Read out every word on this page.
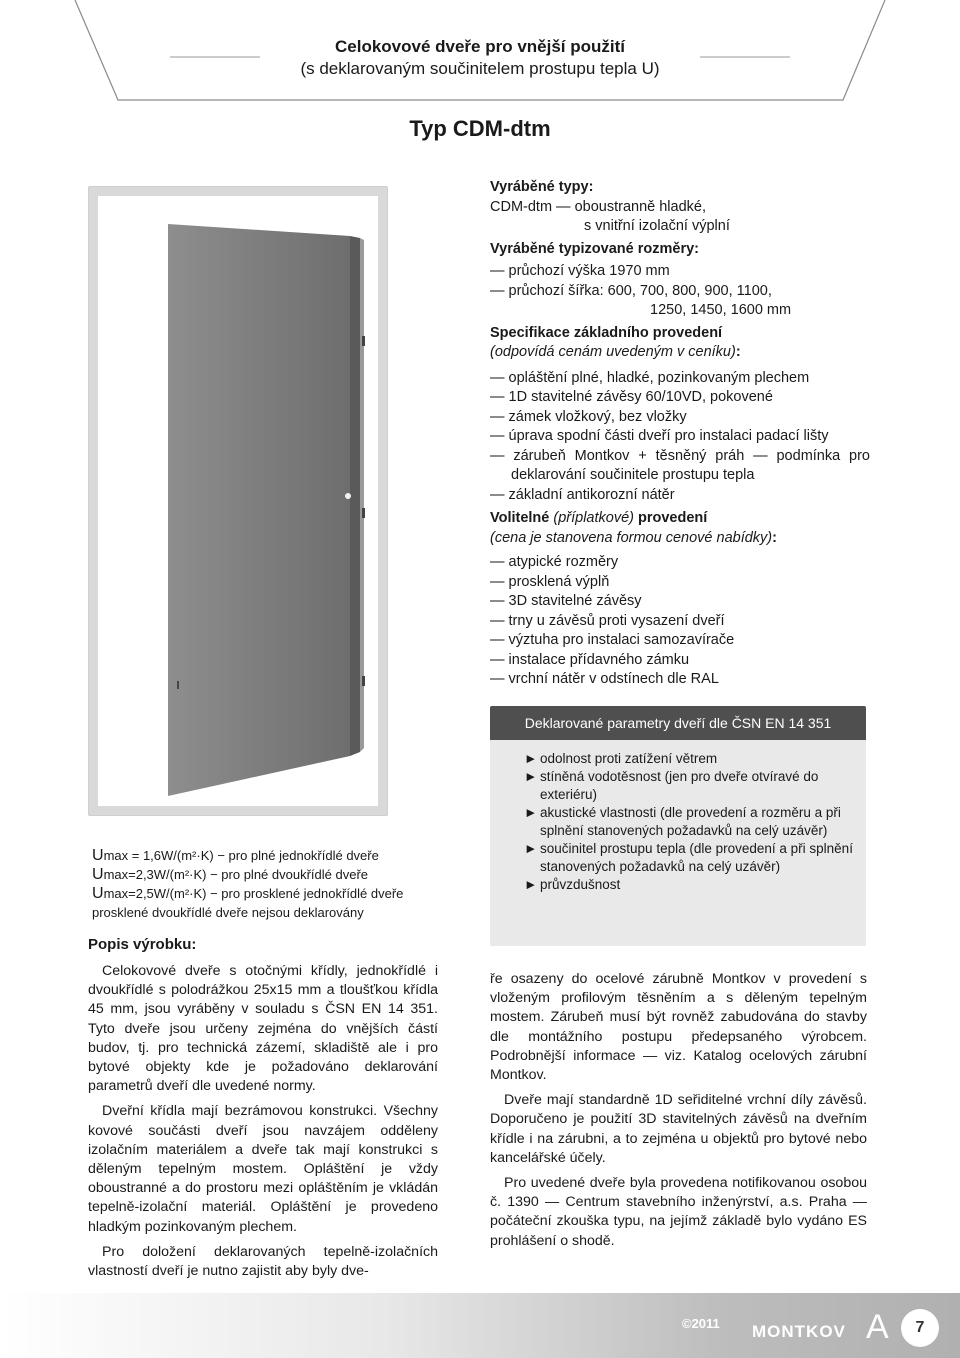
Celokovové dveře pro vnější použití
(s deklarovaným součinitelem prostupu tepla U)
Typ CDM-dtm

Vyráběné typy:

CDM-dtm — oboustranně hladké,

s vnitřní izolační výplní

Vyráběné typizované rozměry:

— průchozí výška 1970 mm

— průchozí šířka: 600, 700, 800, 900, 1100,

1250, 1450, 1600 mm

Specifikace základního provedení

(odpovídá cenám uvedeným v ceníku):

— opláštění plné, hladké, pozinkovaným plechem

— 1D stavitelné závěsy 60/10VD, pokovené

— zámek vložkový, bez vložky

— úprava spodní části dveří pro instalaci padací lišty

— zárubeň Montkov + těsněný práh — podmínka pro deklarování součinitele prostupu tepla

— základní antikorozní nátěr

Volitelné (příplatkové) provedení

(cena je stanovena formou cenové nabídky):

— atypické rozměry

— prosklená výplň

— 3D stavitelné závěsy

— trny u závěsů proti vysazení dveří

— výztuha pro instalaci samozavírače

— instalace přídavného zámku

— vrchní nátěr v odstínech dle RAL

Deklarované parametry dveří dle ČSN EN 14 351
► odolnost proti zatížení větrem
► stíněná vodotěsnost (jen pro dveře otvíravé do exteriéru)
► akustické vlastnosti (dle provedení a rozměru a při splnění stanovených požadavků na celý uzávěr)
► součinitel prostupu tepla (dle provedení a při splnění stanovených požadavků na celý uzávěr)
► průvzdušnost
Umax = 1,6W/(m²·K) − pro plné jednokřídlé dveře
Umax=2,3W/(m²·K) − pro plné dvoukřídlé dveře
Umax=2,5W/(m²·K) − pro prosklené jednokřídlé dveře
prosklené dvoukřídlé dveře nejsou deklarovány
Popis výrobku:

Celokovové dveře s otočnými křídly, jednokřídlé i dvoukřídlé s polodrážkou 25x15 mm a tloušťkou křídla 45 mm, jsou vyráběny v souladu s ČSN EN 14 351. Tyto dveře jsou určeny zejména do vnějších částí budov, tj. pro technická zázemí, skladiště ale i pro bytové objekty kde je požadováno deklarování parametrů dveří dle uvedené normy.

Dveřní křídla mají bezrámovou konstrukci. Všechny kovové součásti dveří jsou navzájem odděleny izolačním materiálem a dveře tak mají konstrukci s děleným tepelným mostem. Opláštění je vždy oboustranné a do prostoru mezi opláštěním je vkládán tepelně-izolační materiál. Opláštění je provedeno hladkým pozinkovaným plechem.

Pro doložení deklarovaných tepelně-izolačních vlastností dveří je nutno zajistit aby byly dve-

ře osazeny do ocelové zárubně Montkov v provedení s vloženým profilovým těsněním a s děleným tepelným mostem. Zárubeň musí být rovněž zabudována do stavby dle montážního postupu předepsaného výrobcem. Podrobnější informace — viz. Katalog ocelových zárubní Montkov.

Dveře mají standardně 1D seřiditelné vrchní díly závěsů. Doporučeno je použití 3D stavitelných závěsů na dveřním křídle i na zárubni, a to zejména u objektů pro bytové nebo kancelářské účely.

Pro uvedené dveře byla provedena notifikovanou osobou č. 1390 — Centrum stavebního inženýrství, a.s. Praha — počáteční zkouška typu, na jejímž základě bylo vydáno ES prohlášení o shodě.

©2011 MONTKOV A	7
